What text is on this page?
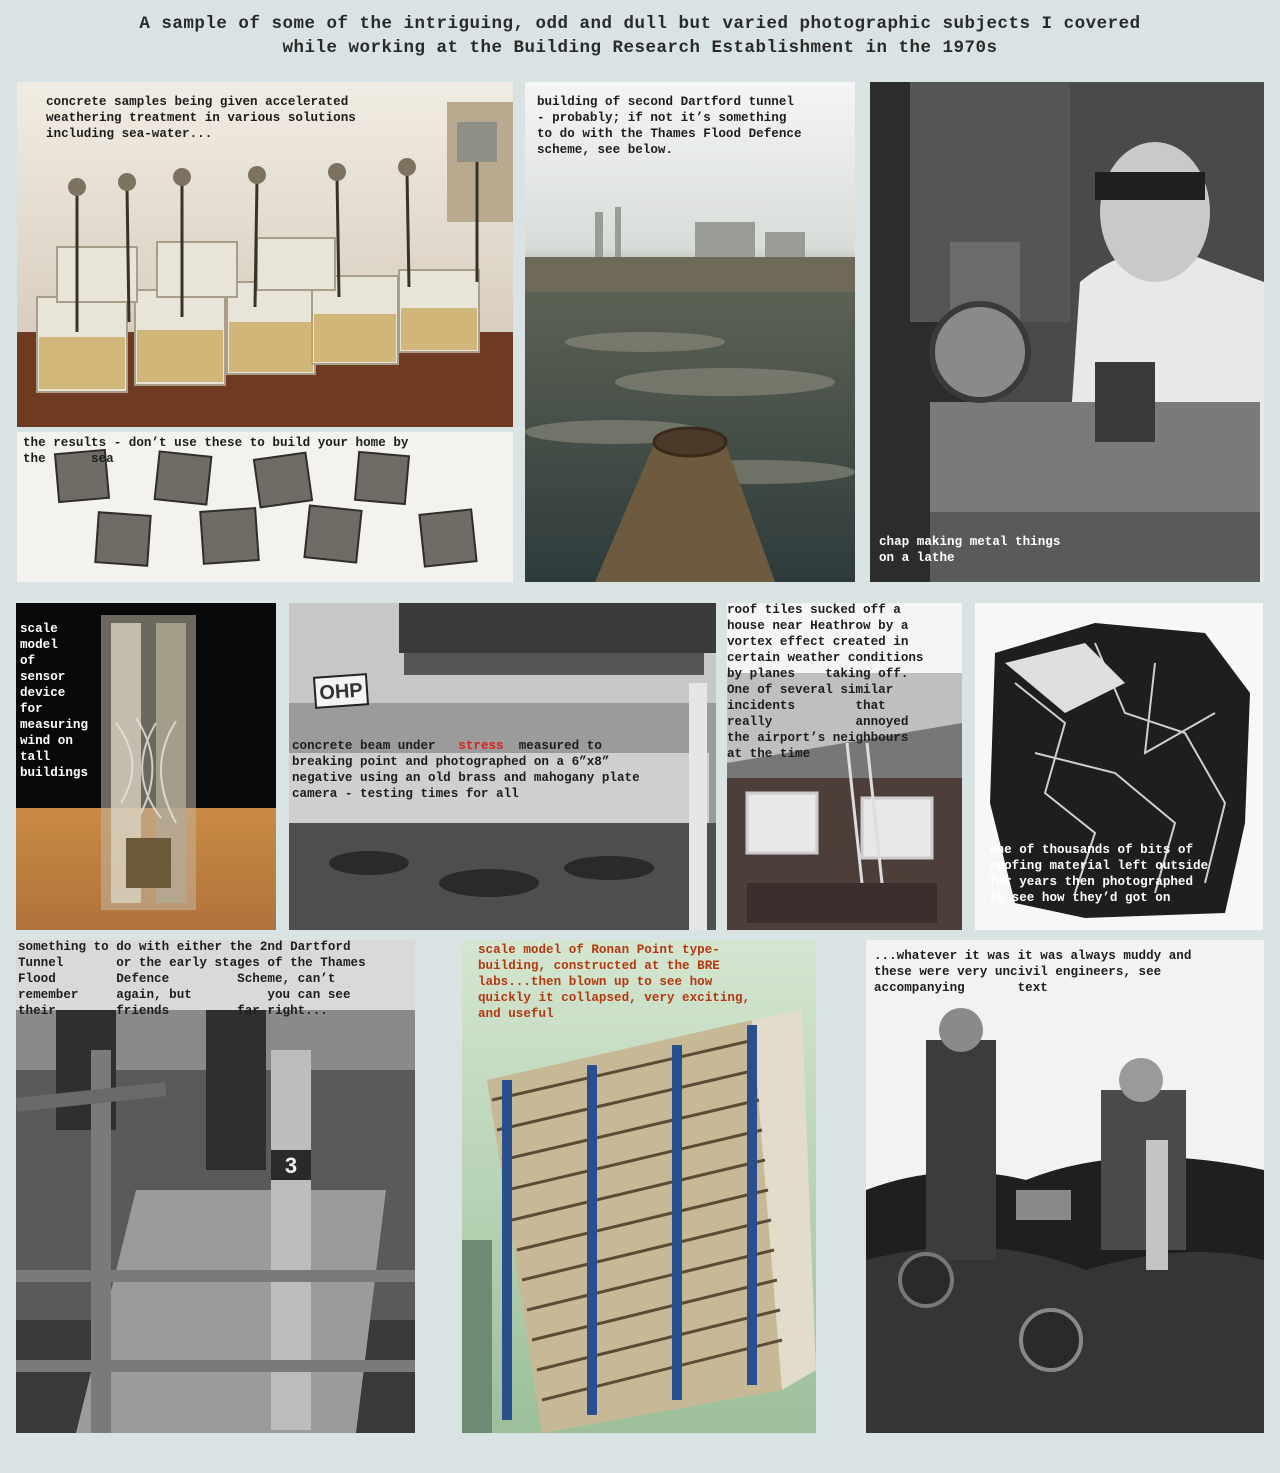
A sample of some of the intriguing, odd and dull but varied photographic subjects I covered
while working at the Building Research Establishment in the 1970s
concrete samples being given accelerated
weathering treatment in various solutions
including sea-water...
the results - don’t use these to build your home by
the      sea
building of second Dartford tunnel
- probably; if not it’s something
to do with the Thames Flood Defence
scheme, see below.
chap making metal things
on a lathe
scale
model
of
sensor
device
for
measuring
wind on
tall
buildings
OHP
concrete beam under   stress  measured to
breaking point and photographed on a 6”x8”
negative using an old brass and mahogany plate
camera - testing times for all
roof tiles sucked off a
house near Heathrow by a
vortex effect created in
certain weather conditions
by planes    taking off.
One of several similar
incidents        that
really           annoyed
the airport’s neighbours
at the time
one of thousands of bits of
roofing material left outside
for years then photographed
to see how they’d got on
3
something to do with either the 2nd Dartford
Tunnel       or the early stages of the Thames
Flood        Defence         Scheme, can’t
remember     again, but          you can see
their        friends         far right...
scale model of Ronan Point type-
building, constructed at the BRE
labs...then blown up to see how
quickly it collapsed, very exciting,
and useful
...whatever it was it was always muddy and
these were very uncivil engineers, see
accompanying       text
